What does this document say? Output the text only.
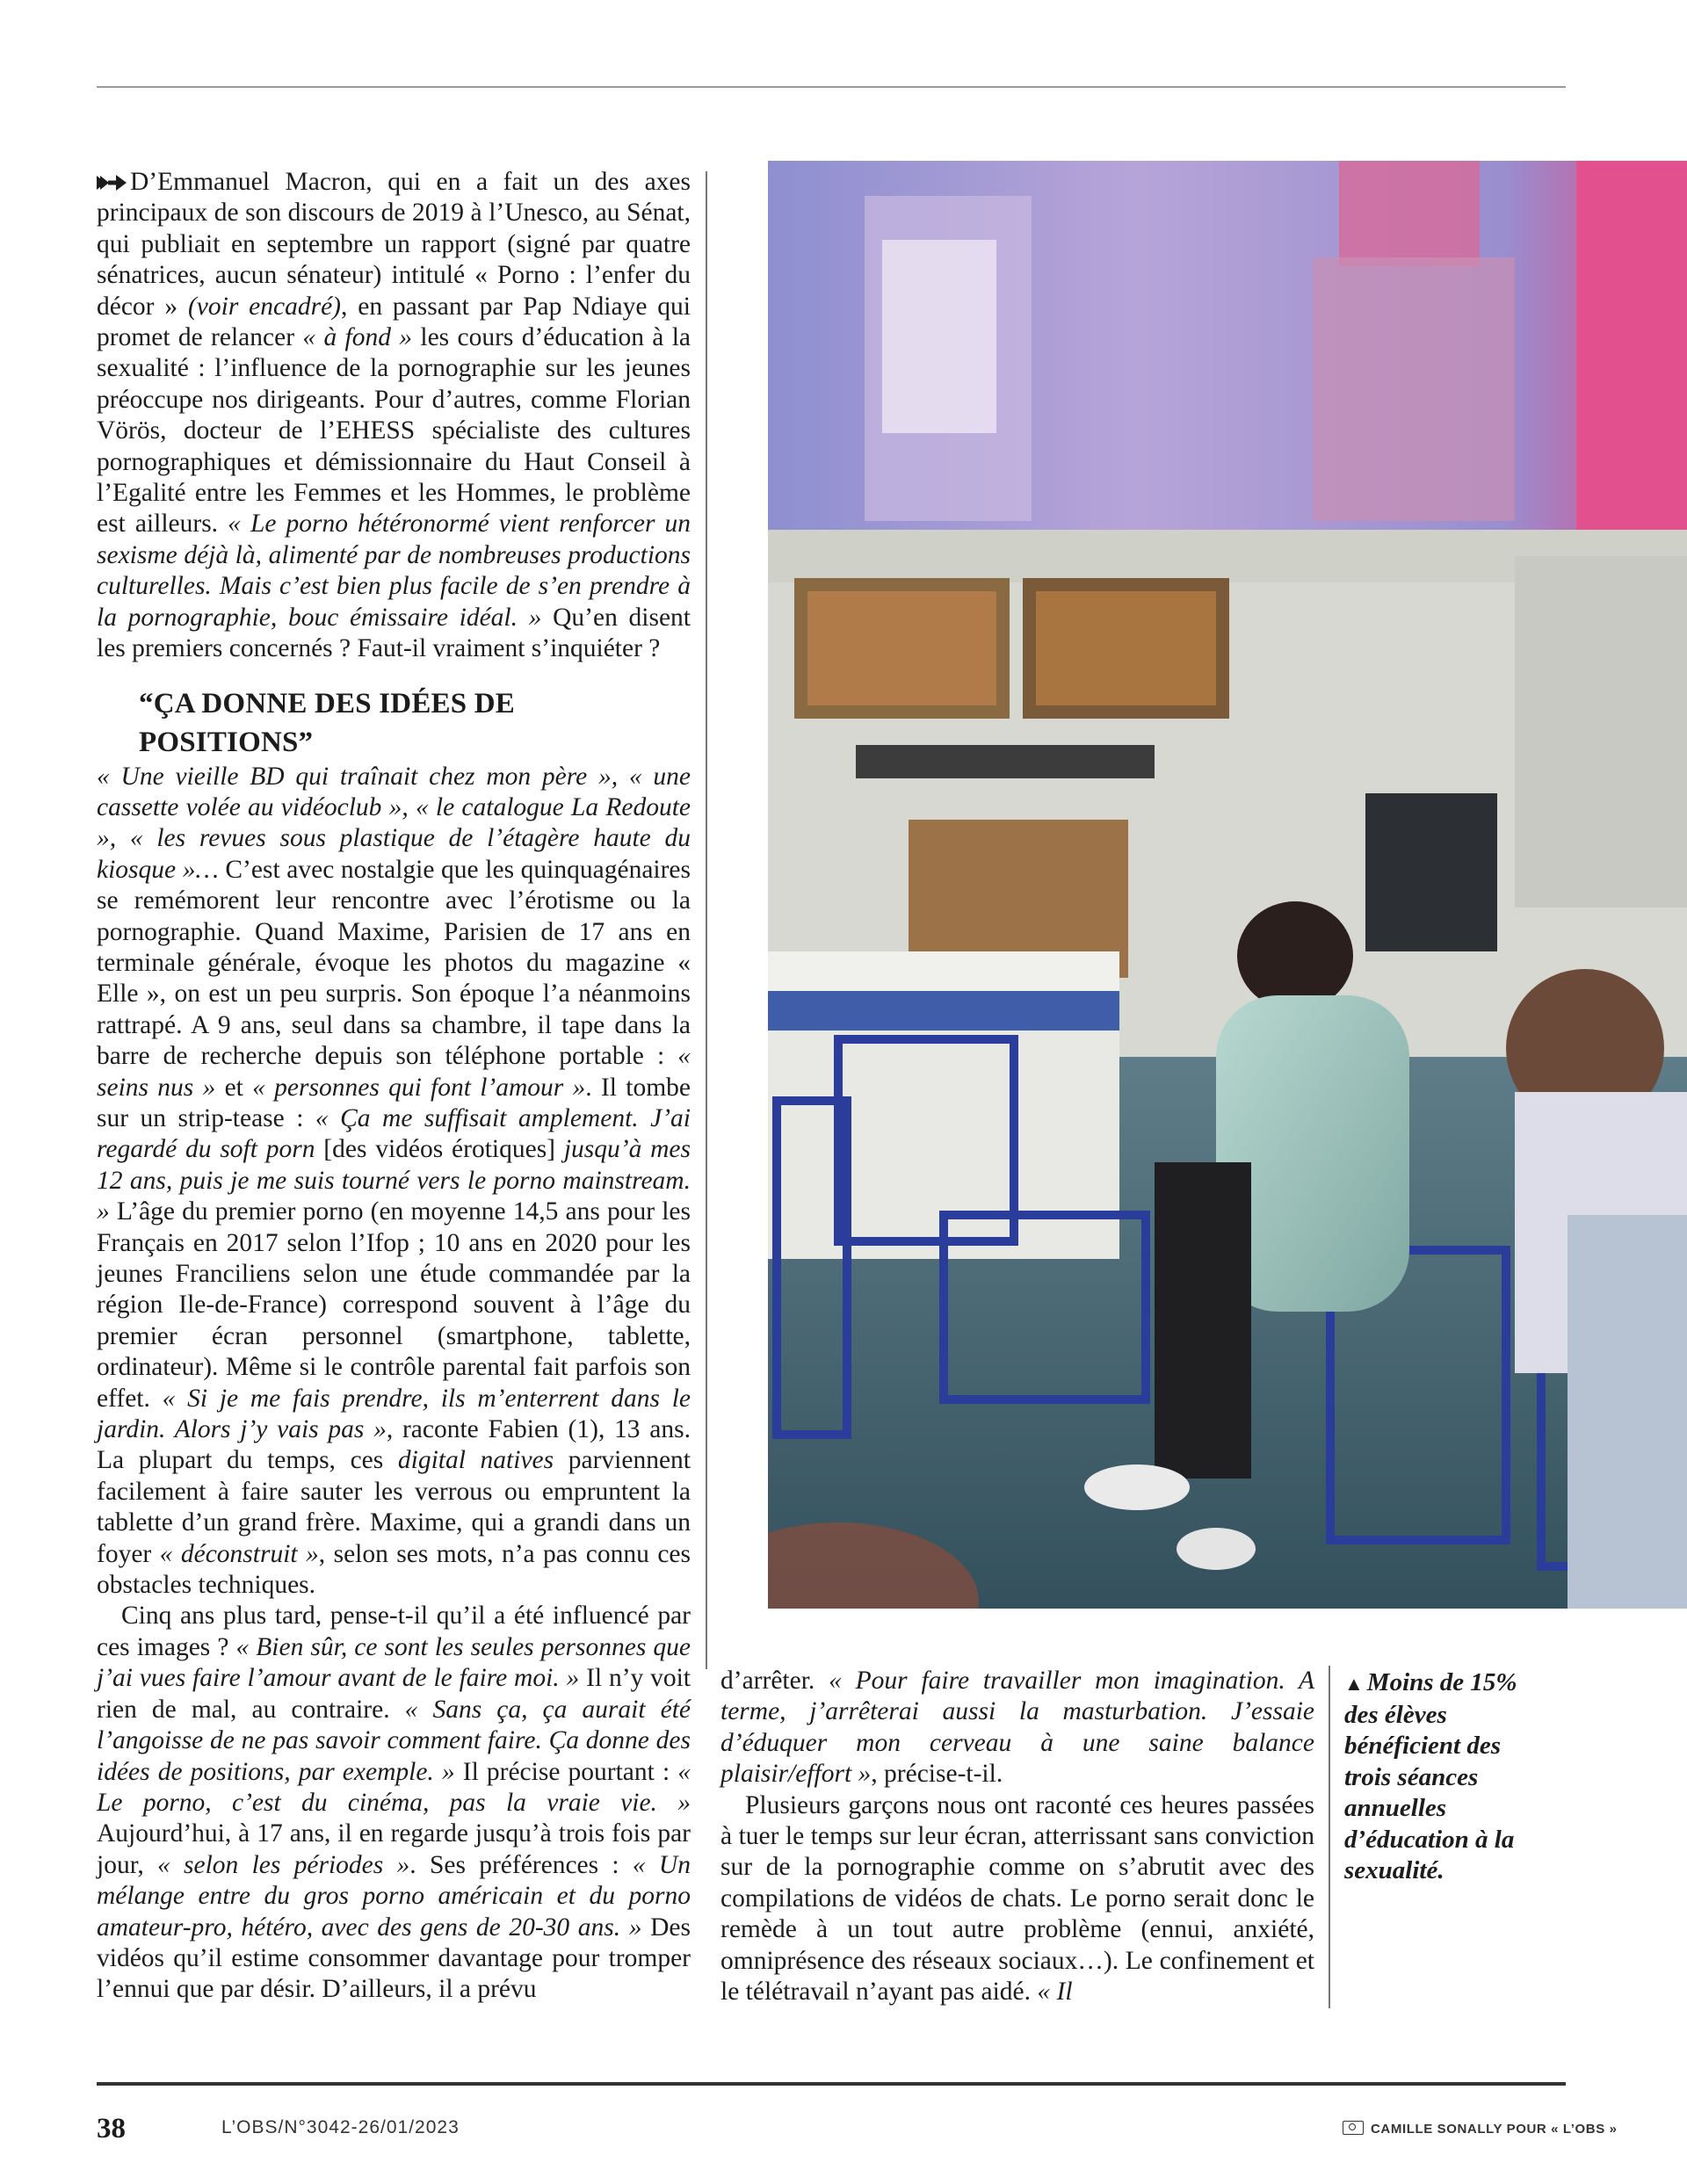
D’Emmanuel Macron, qui en a fait un des axes principaux de son discours de 2019 à l’Unesco, au Sénat, qui publiait en septembre un rapport (signé par quatre sénatrices, aucun sénateur) intitulé « Porno : l’enfer du décor » (voir encadré), en passant par Pap Ndiaye qui promet de relancer « à fond » les cours d’éducation à la sexualité : l’influence de la pornographie sur les jeunes préoccupe nos dirigeants. Pour d’autres, comme Florian Vörös, docteur de l’EHESS spécialiste des cultures pornographiques et démissionnaire du Haut Conseil à l’Egalité entre les Femmes et les Hommes, le problème est ailleurs. « Le porno hétéronormé vient renforcer un sexisme déjà là, alimenté par de nombreuses productions culturelles. Mais c’est bien plus facile de s’en prendre à la pornographie, bouc émissaire idéal. » Qu’en disent les premiers concernés ? Faut-il vraiment s’inquiéter ?

“ÇA DONNE DES IDÉES DE POSITIONS”

« Une vieille BD qui traînait chez mon père », « une cassette volée au vidéoclub », « le catalogue La Redoute », « les revues sous plastique de l’étagère haute du kiosque »… C’est avec nostalgie que les quinquagénaires se remémorent leur rencontre avec l’érotisme ou la pornographie. Quand Maxime, Parisien de 17 ans en terminale générale, évoque les photos du magazine « Elle », on est un peu surpris. Son époque l’a néanmoins rattrapé. A 9 ans, seul dans sa chambre, il tape dans la barre de recherche depuis son téléphone portable : « seins nus » et « personnes qui font l’amour ». Il tombe sur un strip-tease : « Ça me suffisait amplement. J’ai regardé du soft porn [des vidéos érotiques] jusqu’à mes 12 ans, puis je me suis tourné vers le porno mainstream. » L’âge du premier porno (en moyenne 14,5 ans pour les Français en 2017 selon l’Ifop ; 10 ans en 2020 pour les jeunes Franciliens selon une étude commandée par la région Ile-de-France) correspond souvent à l’âge du premier écran personnel (smartphone, tablette, ordinateur). Même si le contrôle parental fait parfois son effet. « Si je me fais prendre, ils m’enterrent dans le jardin. Alors j’y vais pas », raconte Fabien (1), 13 ans. La plupart du temps, ces digital natives parviennent facilement à faire sauter les verrous ou empruntent la tablette d’un grand frère. Maxime, qui a grandi dans un foyer « déconstruit », selon ses mots, n’a pas connu ces obstacles techniques.

Cinq ans plus tard, pense-t-il qu’il a été influencé par ces images ? « Bien sûr, ce sont les seules personnes que j’ai vues faire l’amour avant de le faire moi. » Il n’y voit rien de mal, au contraire. « Sans ça, ça aurait été l’angoisse de ne pas savoir comment faire. Ça donne des idées de positions, par exemple. » Il précise pourtant : « Le porno, c’est du cinéma, pas la vraie vie. » Aujourd’hui, à 17 ans, il en regarde jusqu’à trois fois par jour, « selon les périodes ». Ses préférences : « Un mélange entre du gros porno américain et du porno amateur-pro, hétéro, avec des gens de 20-30 ans. » Des vidéos qu’il estime consommer davantage pour tromper l’ennui que par désir. D’ailleurs, il a prévu

d’arrêter. « Pour faire travailler mon imagination. A terme, j’arrêterai aussi la masturbation. J’essaie d’éduquer mon cerveau à une saine balance plaisir/effort », précise-t-il.

Plusieurs garçons nous ont raconté ces heures passées à tuer le temps sur leur écran, atterrissant sans conviction sur de la pornographie comme on s’abrutit avec des compilations de vidéos de chats. Le porno serait donc le remède à un tout autre problème (ennui, anxiété, omniprésence des réseaux sociaux…). Le confinement et le télétravail n’ayant pas aidé. « Il

▲ Moins de 15% des élèves bénéficient des trois séances annuelles d’éducation à la sexualité.
38	L’OBS/N°3042-26/01/2023	CAMILLE SONALLY POUR « L’OBS »
